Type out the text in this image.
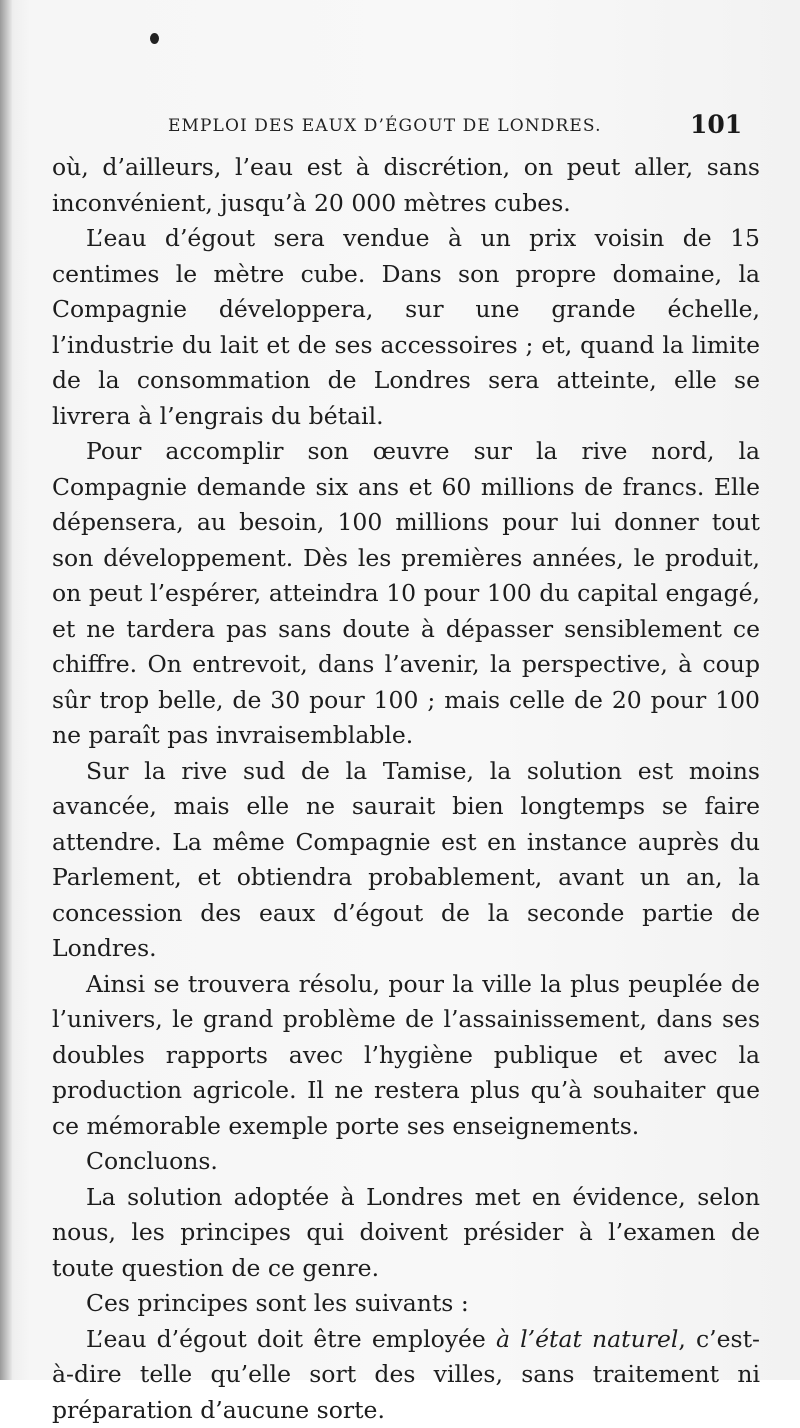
EMPLOI DES EAUX D’ÉGOUT DE LONDRES.	101

où, d’ailleurs, l’eau est à discrétion, on peut aller, sans inconvénient, jusqu’à 20 000 mètres cubes.

L’eau d’égout sera vendue à un prix voisin de 15 centimes le mètre cube. Dans son propre domaine, la Compagnie développera, sur une grande échelle, l’industrie du lait et de ses accessoires ; et, quand la limite de la consommation de Londres sera atteinte, elle se livrera à l’engrais du bétail.

Pour accomplir son œuvre sur la rive nord, la Compagnie demande six ans et 60 millions de francs. Elle dépensera, au besoin, 100 millions pour lui donner tout son développement. Dès les premières années, le produit, on peut l’espérer, atteindra 10 pour 100 du capital engagé, et ne tardera pas sans doute à dépasser sensiblement ce chiffre. On entrevoit, dans l’avenir, la perspective, à coup sûr trop belle, de 30 pour 100 ; mais celle de 20 pour 100 ne paraît pas invraisemblable.

Sur la rive sud de la Tamise, la solution est moins avancée, mais elle ne saurait bien longtemps se faire attendre. La même Compagnie est en instance auprès du Parlement, et obtiendra probablement, avant un an, la concession des eaux d’égout de la seconde partie de Londres.

Ainsi se trouvera résolu, pour la ville la plus peuplée de l’univers, le grand problème de l’assainissement, dans ses doubles rapports avec l’hygiène publique et avec la production agricole. Il ne restera plus qu’à souhaiter que ce mémorable exemple porte ses enseignements.

Concluons.

La solution adoptée à Londres met en évidence, selon nous, les principes qui doivent présider à l’examen de toute question de ce genre.

Ces principes sont les suivants :

L’eau d’égout doit être employée à l’état naturel, c’est-à-dire telle qu’elle sort des villes, sans traitement ni préparation d’aucune sorte.
